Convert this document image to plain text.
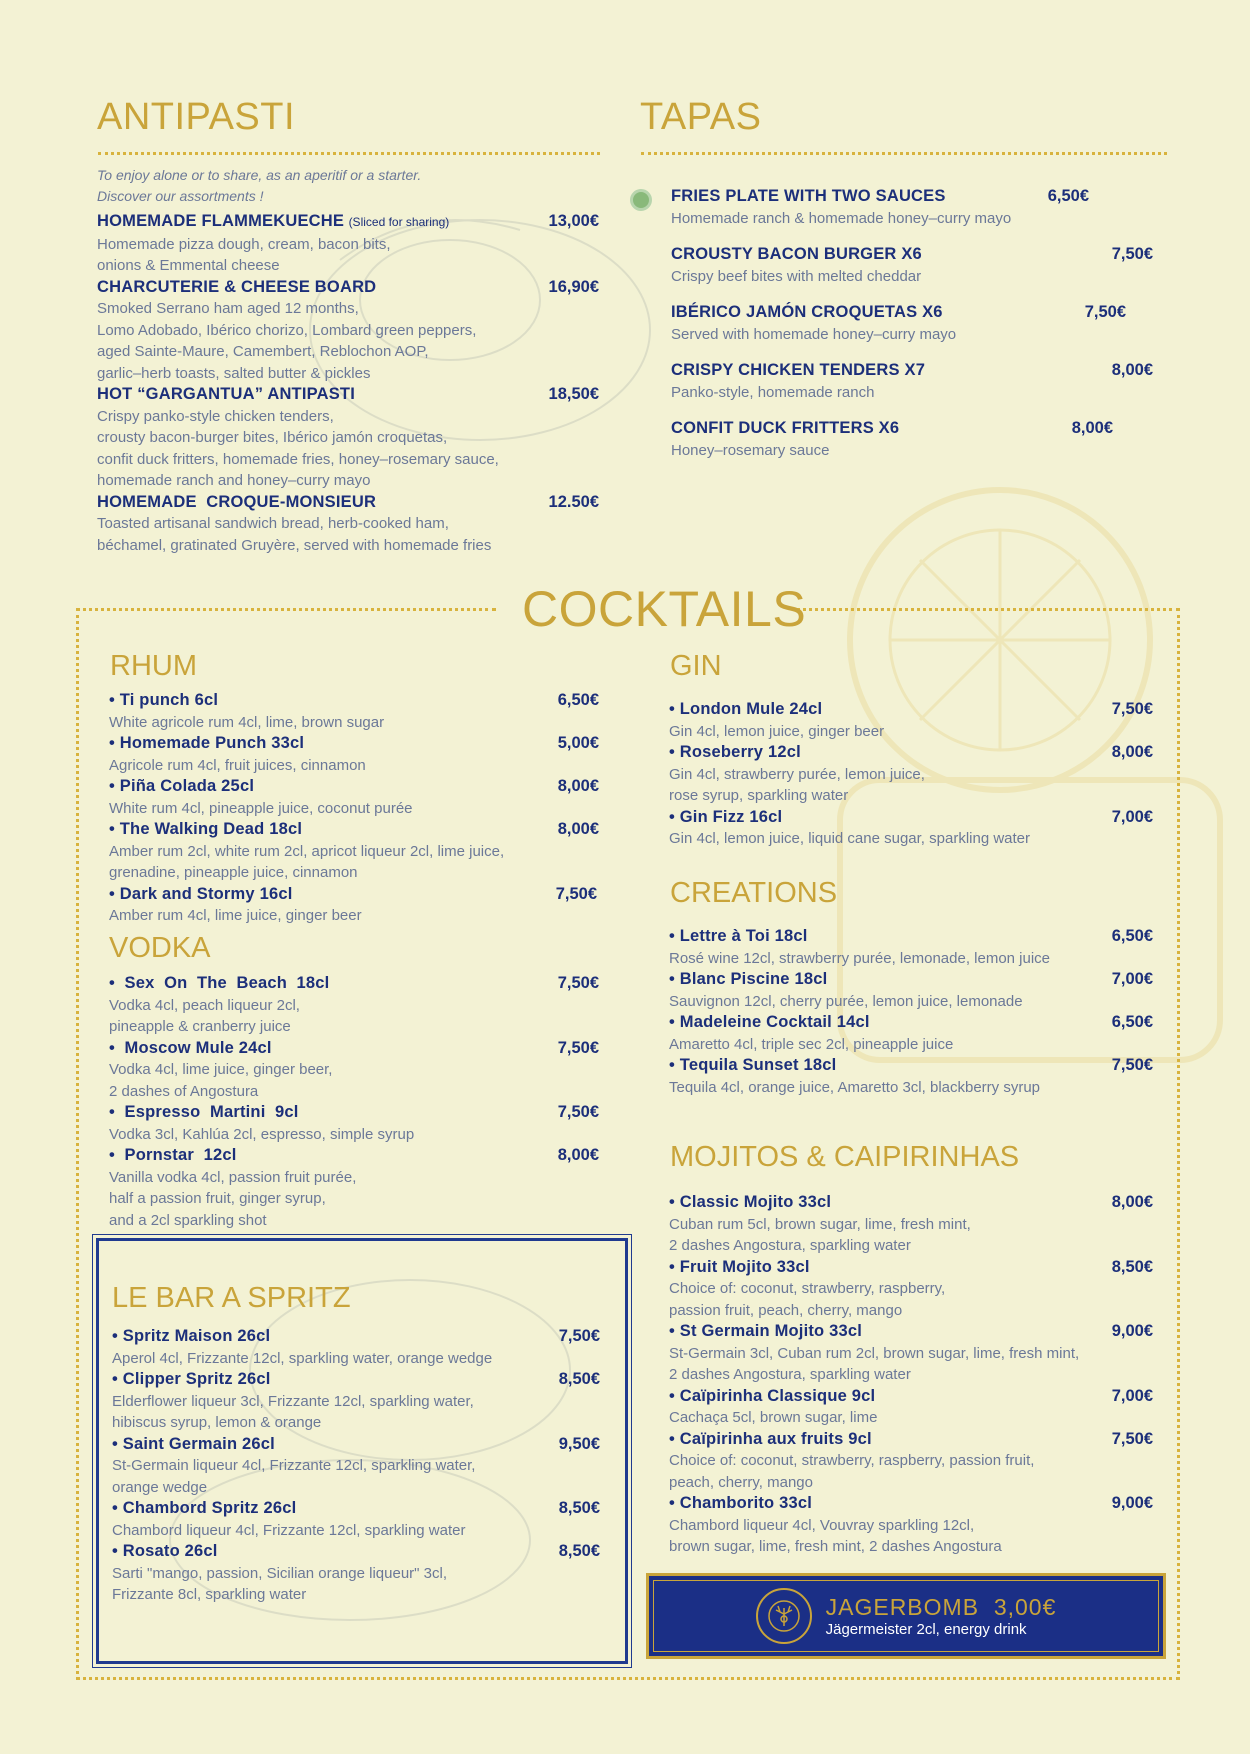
ANTIPASTI
To enjoy alone or to share, as an aperitif or a starter.
Discover our assortments !
HOMEMADE FLAMMEKUECHE (Sliced for sharing)	13,00€
Homemade pizza dough, cream, bacon bits,
onions & Emmental cheese
CHARCUTERIE & CHEESE BOARD	16,90€
Smoked Serrano ham aged 12 months,
Lomo Adobado, Ibérico chorizo, Lombard green peppers,
aged Sainte-Maure, Camembert, Reblochon AOP,
garlic–herb toasts, salted butter & pickles
HOT “GARGANTUA” ANTIPASTI	18,50€
Crispy panko-style chicken tenders,
crousty bacon-burger bites, Ibérico jamón croquetas,
confit duck fritters, homemade fries, honey–rosemary sauce,
homemade ranch and honey–curry mayo
HOMEMADE  CROQUE-MONSIEUR	12.50€
Toasted artisanal sandwich bread, herb-cooked ham,
béchamel, gratinated Gruyère, served with homemade fries
TAPAS
FRIES PLATE WITH TWO SAUCES	6,50€
Homemade ranch & homemade honey–curry mayo
CROUSTY BACON BURGER X6	7,50€
Crispy beef bites with melted cheddar
IBÉRICO JAMÓN CROQUETAS X6	7,50€
Served with homemade honey–curry mayo
CRISPY CHICKEN TENDERS X7	8,00€
Panko-style, homemade ranch
CONFIT DUCK FRITTERS X6	8,00€
Honey–rosemary sauce
COCKTAILS
RHUM
• Ti punch 6cl	6,50€
White agricole rum 4cl, lime, brown sugar
• Homemade Punch 33cl	5,00€
Agricole rum 4cl, fruit juices, cinnamon
• Piña Colada 25cl	8,00€
White rum 4cl, pineapple juice, coconut purée
• The Walking Dead 18cl	8,00€
Amber rum 2cl, white rum 2cl, apricot liqueur 2cl, lime juice,
grenadine, pineapple juice, cinnamon
• Dark and Stormy 16cl	7,50€
Amber rum 4cl, lime juice, ginger beer
VODKA
•  Sex  On  The  Beach  18cl	7,50€
Vodka 4cl, peach liqueur 2cl,
pineapple & cranberry juice
•  Moscow Mule 24cl	7,50€
Vodka 4cl, lime juice, ginger beer,
2 dashes of Angostura
•  Espresso  Martini  9cl	7,50€
Vodka 3cl, Kahlúa 2cl, espresso, simple syrup
•  Pornstar  12cl	8,00€
Vanilla vodka 4cl, passion fruit purée,
half a passion fruit, ginger syrup,
and a 2cl sparkling shot
LE BAR A SPRITZ
• Spritz Maison 26cl	7,50€
Aperol 4cl, Frizzante 12cl, sparkling water, orange wedge
• Clipper Spritz 26cl	8,50€
Elderflower liqueur 3cl, Frizzante 12cl, sparkling water,
hibiscus syrup, lemon & orange
• Saint Germain 26cl	9,50€
St-Germain liqueur 4cl, Frizzante 12cl, sparkling water,
orange wedge
• Chambord Spritz 26cl	8,50€
Chambord liqueur 4cl, Frizzante 12cl, sparkling water
• Rosato 26cl	8,50€
Sarti "mango, passion, Sicilian orange liqueur" 3cl,
Frizzante 8cl, sparkling water
GIN
• London Mule 24cl	7,50€
Gin 4cl, lemon juice, ginger beer
• Roseberry 12cl	8,00€
Gin 4cl, strawberry purée, lemon juice,
rose syrup, sparkling water
• Gin Fizz 16cl	7,00€
Gin 4cl, lemon juice, liquid cane sugar, sparkling water
CREATIONS
• Lettre à Toi 18cl	6,50€
Rosé wine 12cl, strawberry purée, lemonade, lemon juice
• Blanc Piscine 18cl	7,00€
Sauvignon 12cl, cherry purée, lemon juice, lemonade
• Madeleine Cocktail 14cl	6,50€
Amaretto 4cl, triple sec 2cl, pineapple juice
• Tequila Sunset 18cl	7,50€
Tequila 4cl, orange juice, Amaretto 3cl, blackberry syrup
MOJITOS & CAIPIRINHAS
• Classic Mojito 33cl	8,00€
Cuban rum 5cl, brown sugar, lime, fresh mint,
2 dashes Angostura, sparkling water
• Fruit Mojito 33cl	8,50€
Choice of: coconut, strawberry, raspberry,
passion fruit, peach, cherry, mango
• St Germain Mojito 33cl	9,00€
St-Germain 3cl, Cuban rum 2cl, brown sugar, lime, fresh mint,
2 dashes Angostura, sparkling water
• Caïpirinha Classique 9cl	7,00€
Cachaça 5cl, brown sugar, lime
• Caïpirinha aux fruits 9cl	7,50€
Choice of: coconut, strawberry, raspberry, passion fruit,
peach, cherry, mango
• Chamborito 33cl	9,00€
Chambord liqueur 4cl, Vouvray sparkling 12cl,
brown sugar, lime, fresh mint, 2 dashes Angostura
JAGERBOMB  3,00€
Jägermeister 2cl, energy drink
